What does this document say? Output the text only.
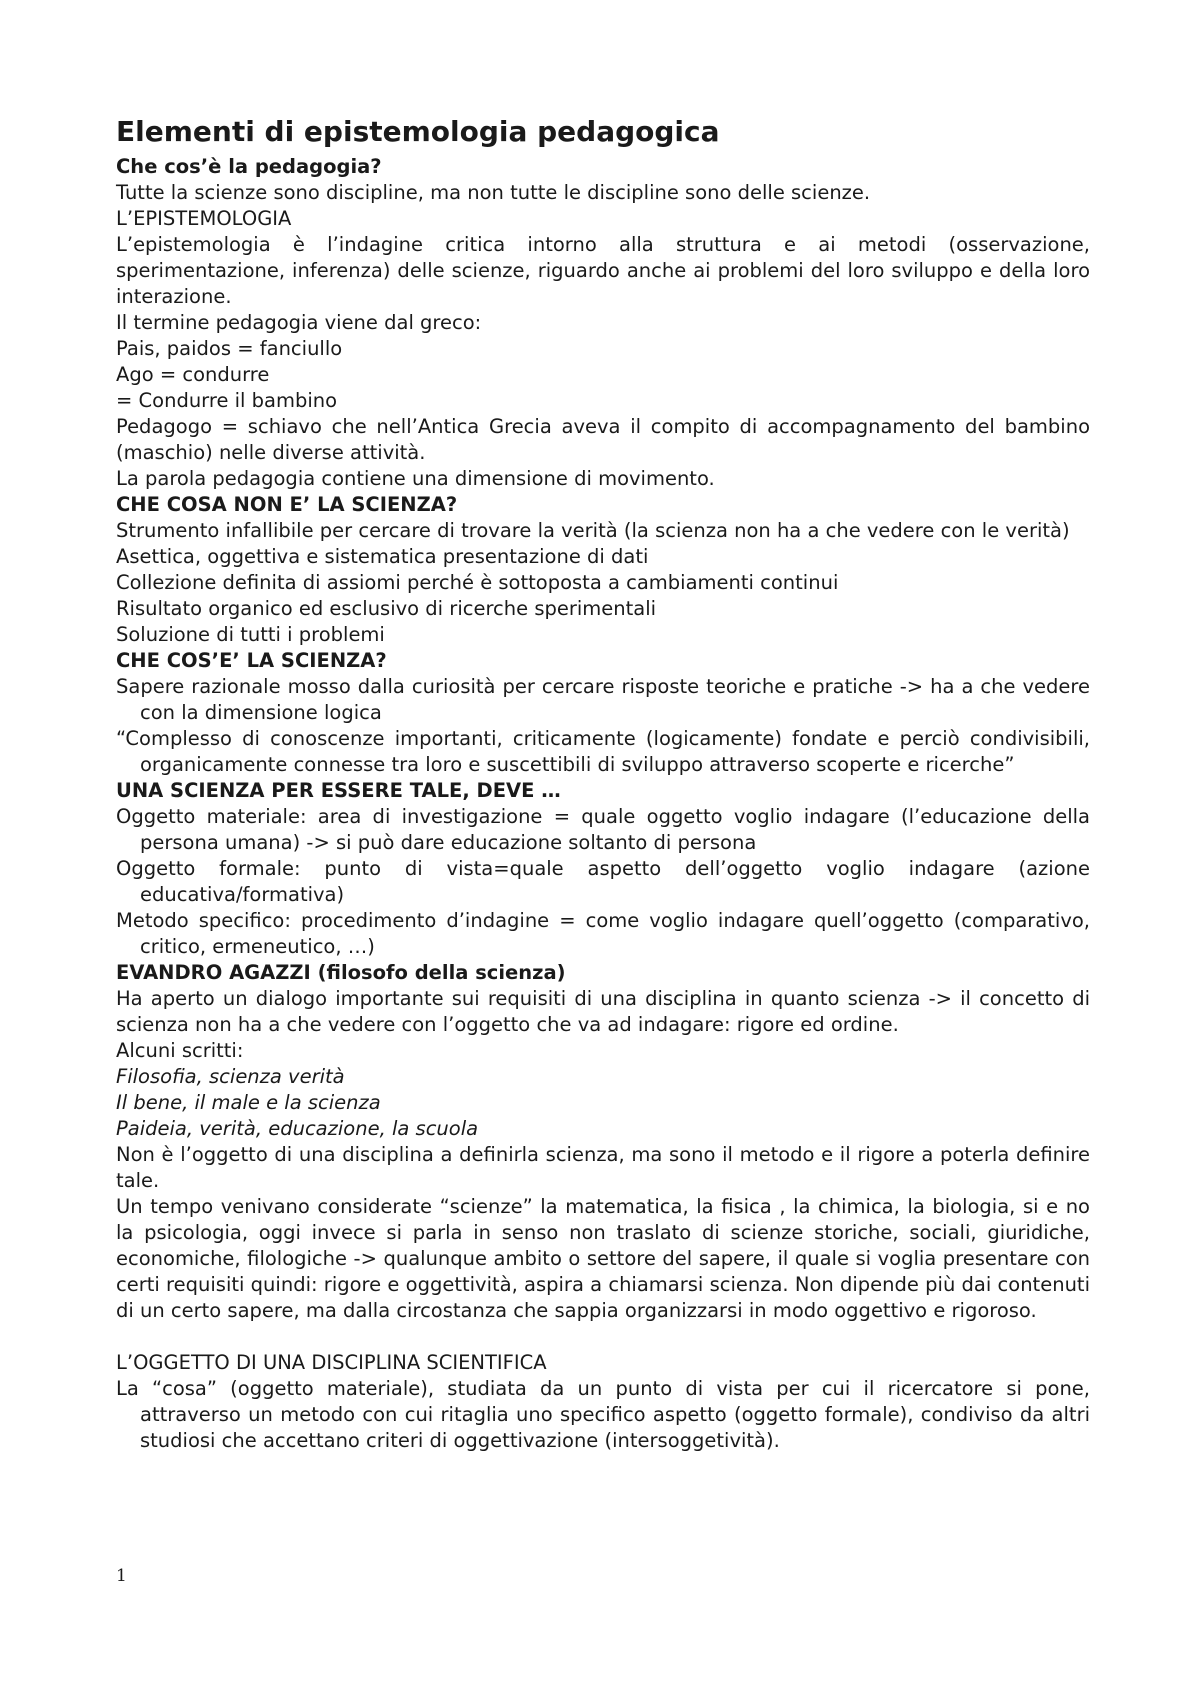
Elementi di epistemologia pedagogica

Che cos’è la pedagogia?

Tutte la scienze sono discipline, ma non tutte le discipline sono delle scienze.

L’EPISTEMOLOGIA

L’epistemologia è l’indagine critica intorno alla struttura e ai metodi (osservazione, sperimentazione, inferenza) delle scienze, riguardo anche ai problemi del loro sviluppo e della loro interazione.

Il termine pedagogia viene dal greco:

Pais, paidos = fanciullo

Ago = condurre

= Condurre il bambino

Pedagogo = schiavo che nell’Antica Grecia aveva il compito di accompagnamento del bambino (maschio) nelle diverse attività.

La parola pedagogia contiene una dimensione di movimento.

CHE COSA NON E’ LA SCIENZA?

Strumento infallibile per cercare di trovare la verità (la scienza non ha a che vedere con le verità)

Asettica, oggettiva e sistematica presentazione di dati

Collezione definita di assiomi perché è sottoposta a cambiamenti continui

Risultato organico ed esclusivo di ricerche sperimentali

Soluzione di tutti i problemi

CHE COS’E’ LA SCIENZA?

Sapere razionale mosso dalla curiosità per cercare risposte teoriche e pratiche -> ha a che vedere con la dimensione logica

“Complesso di conoscenze importanti, criticamente (logicamente) fondate e perciò condivisibili, organicamente connesse tra loro e suscettibili di sviluppo attraverso scoperte e ricerche”

UNA SCIENZA PER ESSERE TALE, DEVE …

Oggetto materiale: area di investigazione = quale oggetto voglio indagare (l’educazione della persona umana) -> si può dare educazione soltanto di persona

Oggetto formale: punto di vista=quale aspetto dell’oggetto voglio indagare (azione educativa/formativa)

Metodo specifico: procedimento d’indagine = come voglio indagare quell’oggetto (comparativo, critico, ermeneutico, …)

EVANDRO AGAZZI (filosofo della scienza)

Ha aperto un dialogo importante sui requisiti di una disciplina in quanto scienza -> il concetto di scienza non ha a che vedere con l’oggetto che va ad indagare: rigore ed ordine.

Alcuni scritti:

Filosofia, scienza verità

Il bene, il male e la scienza

Paideia, verità, educazione, la scuola

Non è l’oggetto di una disciplina a definirla scienza, ma sono il metodo e il rigore a poterla definire tale.

Un tempo venivano considerate “scienze” la matematica, la fisica , la chimica, la biologia, si e no la psicologia, oggi invece si parla in senso non traslato di scienze storiche, sociali, giuridiche, economiche, filologiche -> qualunque ambito o settore del sapere, il quale si voglia presentare con certi requisiti quindi: rigore e oggettività, aspira a chiamarsi scienza. Non dipende più dai contenuti di un certo sapere, ma dalla circostanza che sappia organizzarsi in modo oggettivo e rigoroso.

L’OGGETTO DI UNA DISCIPLINA SCIENTIFICA

La “cosa” (oggetto materiale), studiata da un punto di vista per cui il ricercatore si pone, attraverso un metodo con cui ritaglia uno specifico aspetto (oggetto formale), condiviso da altri studiosi che accettano criteri di oggettivazione (intersoggetività).

1
